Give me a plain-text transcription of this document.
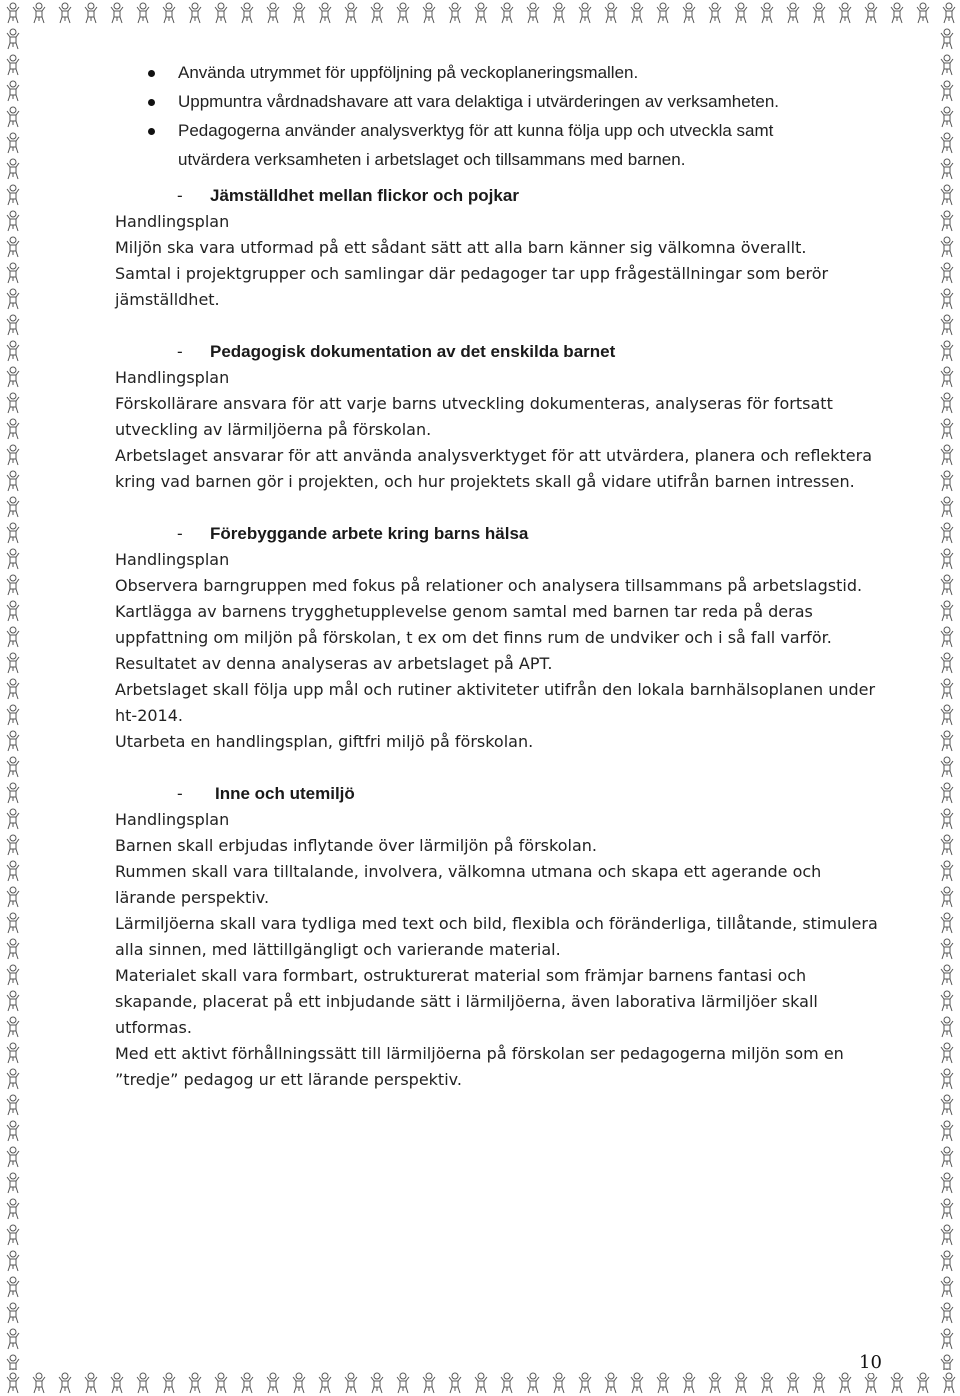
Använda utrymmet för uppföljning på veckoplaneringsmallen.
Uppmuntra vårdnadshavare att vara delaktiga i utvärderingen av verksamheten.
Pedagogerna använder analysverktyg för att kunna följa upp och utveckla samt utvärdera verksamheten i arbetslaget och tillsammans med barnen.
- Jämställdhet mellan flickor och pojkar

Handlingsplan

Miljön ska vara utformad på ett sådant sätt att alla barn känner sig välkomna överallt.

Samtal i projektgrupper och samlingar där pedagoger tar upp frågeställningar som berör jämställdhet.

- Pedagogisk dokumentation av det enskilda barnet

Handlingsplan

Förskollärare ansvara för att varje barns utveckling dokumenteras, analyseras för fortsatt utveckling av lärmiljöerna på förskolan.

Arbetslaget ansvarar för att använda analysverktyget för att utvärdera, planera och reflektera kring vad barnen gör i projekten, och hur projektets skall gå vidare utifrån barnen intressen.

- Förebyggande arbete kring barns hälsa

Handlingsplan

Observera barngruppen med fokus på relationer och analysera tillsammans på arbetslagstid.

Kartlägga av barnens trygghetupplevelse genom samtal med barnen tar reda på deras uppfattning om miljön på förskolan, t ex om det finns rum de undviker och i så fall varför. Resultatet av denna analyseras av arbetslaget på APT.

Arbetslaget skall följa upp mål och rutiner aktiviteter utifrån den lokala barnhälsoplanen under ht-2014.

Utarbeta en handlingsplan, giftfri miljö på förskolan.

- Inne och utemiljö

Handlingsplan

Barnen skall erbjudas inflytande över lärmiljön på förskolan.

Rummen skall vara tilltalande, involvera, välkomna utmana och skapa ett agerande och lärande perspektiv.

Lärmiljöerna skall vara tydliga med text och bild, flexibla och föränderliga, tillåtande, stimulera alla sinnen, med lättillgängligt och varierande material.

Materialet skall vara formbart, ostrukturerat material som främjar barnens fantasi och skapande, placerat på ett inbjudande sätt i lärmiljöerna, även laborativa lärmiljöer skall utformas.

Med ett aktivt förhållningssätt till lärmiljöerna på förskolan ser pedagogerna miljön som en ”tredje” pedagog ur ett lärande perspektiv.

10
